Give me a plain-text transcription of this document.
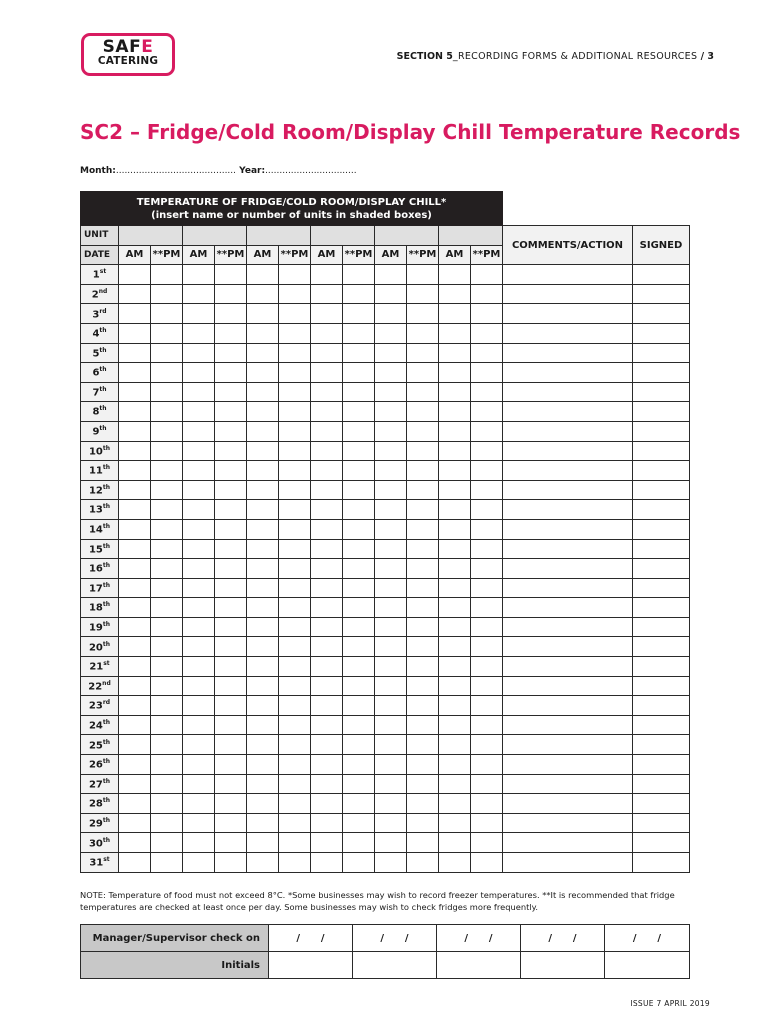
SAFE
CATERING	SECTION 5_RECORDING FORMS & ADDITIONAL RESOURCES / 3
SC2 – Fridge/Cold Room/Display Chill Temperature Records
Month:.......................................... Year:................................
TEMPERATURE OF FRIDGE/COLD ROOM/DISPLAY CHILL*
(insert name or number of units in shaded boxes)														

UNIT													COMMENTS/ACTION	SIGNED
DATE	AM	**PM	AM	**PM	AM	**PM	AM	**PM	AM	**PM	AM	**PM		
1st														
2nd														
3rd														
4th														
5th														
6th														
7th														
8th														
9th														
10th														
11th														
12th														
13th														
14th														
15th														
16th														
17th														
18th														
19th														
20th														
21st														
22nd														
23rd														
24th														
25th														
26th														
27th														
28th														
29th														
30th														
31st														
NOTE: Temperature of food must not exceed 8°C. *Some businesses may wish to record freezer temperatures. **It is recommended that fridge temperatures are checked at least once per day. Some businesses may wish to check fridges more frequently.
Manager/Supervisor check on	/      /	/      /	/      /	/      /	/      /
Initials					
ISSUE 7 APRIL 2019
